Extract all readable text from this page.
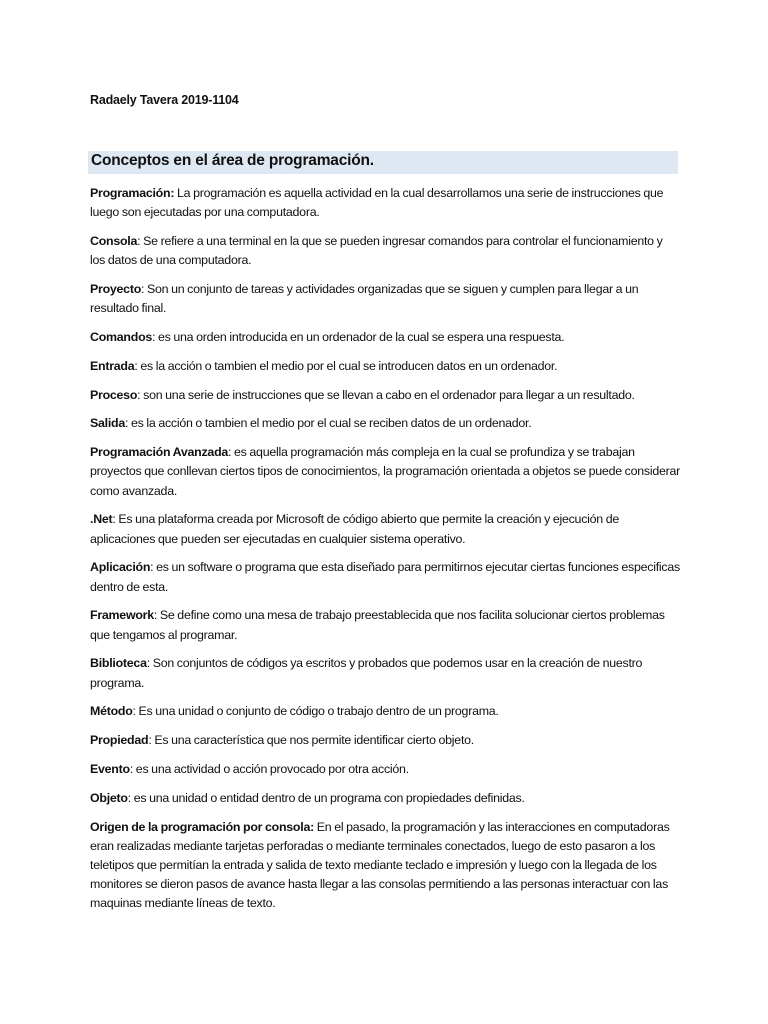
Radaely Tavera 2019-1104
Conceptos en el área de programación.

Programación: La programación es aquella actividad en la cual desarrollamos una serie de instrucciones que luego son ejecutadas por una computadora.

Consola: Se refiere a una terminal en la que se pueden ingresar comandos para controlar el funcionamiento y los datos de una computadora.

Proyecto: Son un conjunto de tareas y actividades organizadas que se siguen y cumplen para llegar a un resultado final.

Comandos: es una orden introducida en un ordenador de la cual se espera una respuesta.

Entrada: es la acción o tambien el medio por el cual se introducen datos en un ordenador.

Proceso: son una serie de instrucciones que se llevan a cabo en el ordenador para llegar a un resultado.

Salida: es la acción o tambien el medio por el cual se reciben datos de un ordenador.

Programación Avanzada: es aquella programación más compleja en la cual se profundiza y se trabajan proyectos que conllevan ciertos tipos de conocimientos, la programación orientada a objetos se puede considerar como avanzada.

.Net: Es una plataforma creada por Microsoft de código abierto que permite la creación y ejecución de aplicaciones que pueden ser ejecutadas en cualquier sistema operativo.

Aplicación: es un software o programa que esta diseñado para permitirnos ejecutar ciertas funciones especificas dentro de esta.

Framework: Se define como una mesa de trabajo preestablecida que nos facilita solucionar ciertos problemas que tengamos al programar.

Biblioteca: Son conjuntos de códigos ya escritos y probados que podemos usar en la creación de nuestro programa.

Método: Es una unidad o conjunto de código o trabajo dentro de un programa.

Propiedad: Es una característica que nos permite identificar cierto objeto.

Evento: es una actividad o acción provocado por otra acción.

Objeto: es una unidad o entidad dentro de un programa con propiedades definidas.

Origen de la programación por consola: En el pasado, la programación y las interacciones en computadoras eran realizadas mediante tarjetas perforadas o mediante terminales conectados, luego de esto pasaron a los teletipos que permitían la entrada y salida de texto mediante teclado e impresión y luego con la llegada de los monitores se dieron pasos de avance hasta llegar a las consolas permitiendo a las personas interactuar con las maquinas mediante líneas de texto.
